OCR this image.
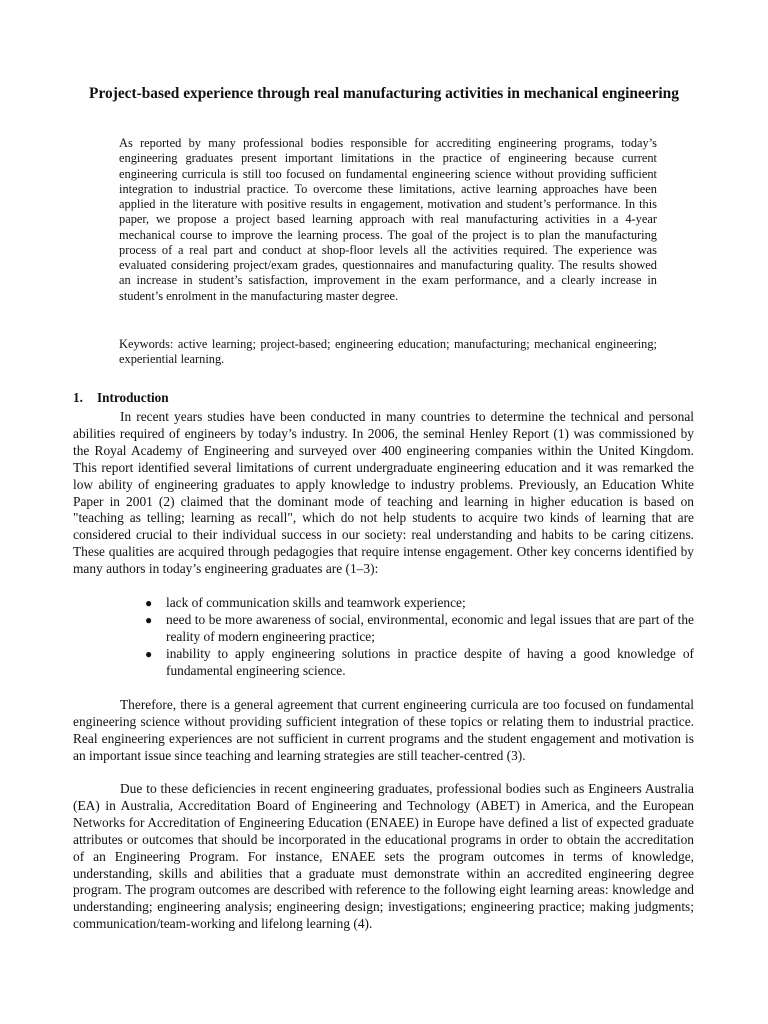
Project-based experience through real manufacturing activities in mechanical engineering

As reported by many professional bodies responsible for accrediting engineering programs, today’s engineering graduates present important limitations in the practice of engineering because current engineering curricula is still too focused on fundamental engineering science without providing sufficient integration to industrial practice. To overcome these limitations, active learning approaches have been applied in the literature with positive results in engagement, motivation and student’s performance. In this paper, we propose a project based learning approach with real manufacturing activities in a 4-year mechanical course to improve the learning process. The goal of the project is to plan the manufacturing process of a real part and conduct at shop-floor levels all the activities required. The experience was evaluated considering project/exam grades, questionnaires and manufacturing quality. The results showed an increase in student’s satisfaction, improvement in the exam performance, and a clearly increase in student’s enrolment in the manufacturing master degree.

Keywords: active learning; project-based; engineering education; manufacturing; mechanical engineering; experiential learning.

1. Introduction

In recent years studies have been conducted in many countries to determine the technical and personal abilities required of engineers by today’s industry. In 2006, the seminal Henley Report (1) was commissioned by the Royal Academy of Engineering and surveyed over 400 engineering companies within the United Kingdom. This report identified several limitations of current undergraduate engineering education and it was remarked the low ability of engineering graduates to apply knowledge to industry problems. Previously, an Education White Paper in 2001 (2) claimed that the dominant mode of teaching and learning in higher education is based on "teaching as telling; learning as recall", which do not help students to acquire two kinds of learning that are considered crucial to their individual success in our society: real understanding and habits to be caring citizens. These qualities are acquired through pedagogies that require intense engagement. Other key concerns identified by many authors in today’s engineering graduates are (1–3):

● lack of communication skills and teamwork experience;
● need to be more awareness of social, environmental, economic and legal issues that are part of the reality of modern engineering practice;
● inability to apply engineering solutions in practice despite of having a good knowledge of fundamental engineering science.

Therefore, there is a general agreement that current engineering curricula are too focused on fundamental engineering science without providing sufficient integration of these topics or relating them to industrial practice. Real engineering experiences are not sufficient in current programs and the student engagement and motivation is an important issue since teaching and learning strategies are still teacher-centred (3).

Due to these deficiencies in recent engineering graduates, professional bodies such as Engineers Australia (EA) in Australia, Accreditation Board of Engineering and Technology (ABET) in America, and the European Networks for Accreditation of Engineering Education (ENAEE) in Europe have defined a list of expected graduate attributes or outcomes that should be incorporated in the educational programs in order to obtain the accreditation of an Engineering Program. For instance, ENAEE sets the program outcomes in terms of knowledge, understanding, skills and abilities that a graduate must demonstrate within an accredited engineering degree program. The program outcomes are described with reference to the following eight learning areas: knowledge and understanding; engineering analysis; engineering design; investigations; engineering practice; making judgments; communication/team-working and lifelong learning (4).
